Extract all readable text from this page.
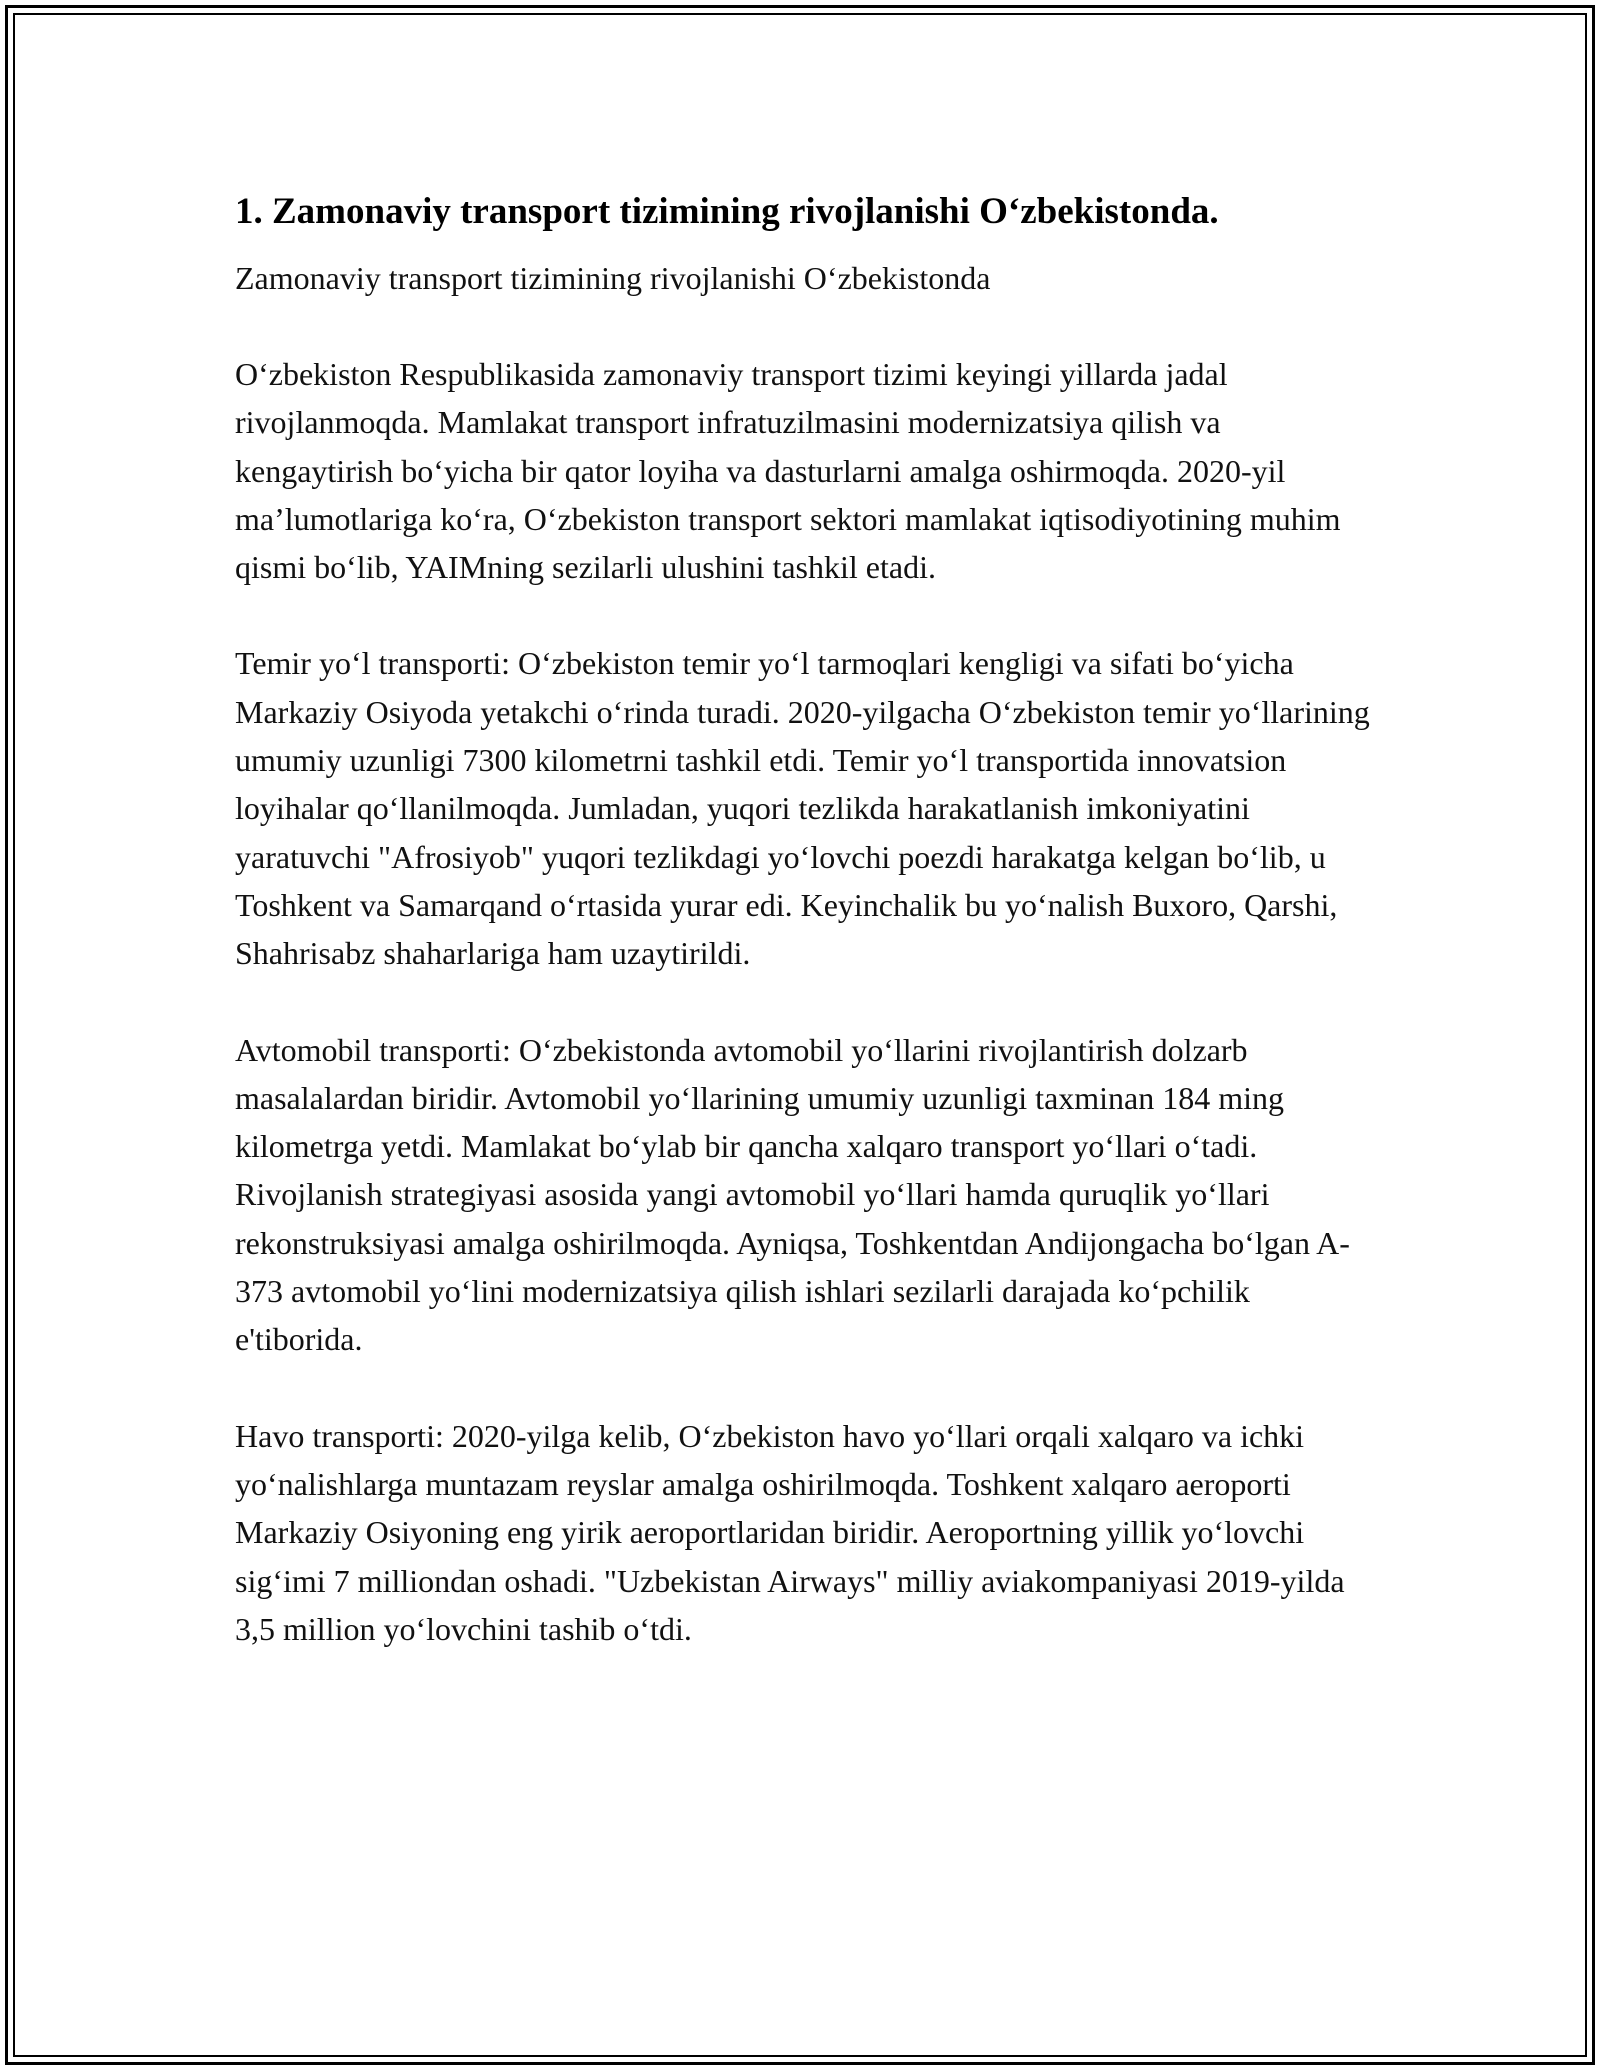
1. Zamonaviy transport tizimining rivojlanishi O‘zbekistonda.

Zamonaviy transport tizimining rivojlanishi O‘zbekistonda

O‘zbekiston Respublikasida zamonaviy transport tizimi keyingi yillarda jadal rivojlanmoqda. Mamlakat transport infratuzilmasini modernizatsiya qilish va kengaytirish bo‘yicha bir qator loyiha va dasturlarni amalga oshirmoqda. 2020-yil ma’lumotlariga ko‘ra, O‘zbekiston transport sektori mamlakat iqtisodiyotining muhim qismi bo‘lib, YAIMning sezilarli ulushini tashkil etadi.

Temir yo‘l transporti: O‘zbekiston temir yo‘l tarmoqlari kengligi va sifati bo‘yicha Markaziy Osiyoda yetakchi o‘rinda turadi. 2020-yilgacha O‘zbekiston temir yo‘llarining umumiy uzunligi 7300 kilometrni tashkil etdi. Temir yo‘l transportida innovatsion loyihalar qo‘llanilmoqda. Jumladan, yuqori tezlikda harakatlanish imkoniyatini yaratuvchi "Afrosiyob" yuqori tezlikdagi yo‘lovchi poezdi harakatga kelgan bo‘lib, u Toshkent va Samarqand o‘rtasida yurar edi. Keyinchalik bu yo‘nalish Buxoro, Qarshi, Shahrisabz shaharlariga ham uzaytirildi.

Avtomobil transporti: O‘zbekistonda avtomobil yo‘llarini rivojlantirish dolzarb masalalardan biridir. Avtomobil yo‘llarining umumiy uzunligi taxminan 184 ming kilometrga yetdi. Mamlakat bo‘ylab bir qancha xalqaro transport yo‘llari o‘tadi. Rivojlanish strategiyasi asosida yangi avtomobil yo‘llari hamda quruqlik yo‘llari rekonstruksiyasi amalga oshirilmoqda. Ayniqsa, Toshkentdan Andijongacha bo‘lgan A-373 avtomobil yo‘lini modernizatsiya qilish ishlari sezilarli darajada ko‘pchilik e'tiborida.

Havo transporti: 2020-yilga kelib, O‘zbekiston havo yo‘llari orqali xalqaro va ichki yo‘nalishlarga muntazam reyslar amalga oshirilmoqda. Toshkent xalqaro aeroporti Markaziy Osiyoning eng yirik aeroportlaridan biridir. Aeroportning yillik yo‘lovchi sig‘imi 7 milliondan oshadi. "Uzbekistan Airways" milliy aviakompaniyasi 2019-yilda 3,5 million yo‘lovchini tashib o‘tdi.
